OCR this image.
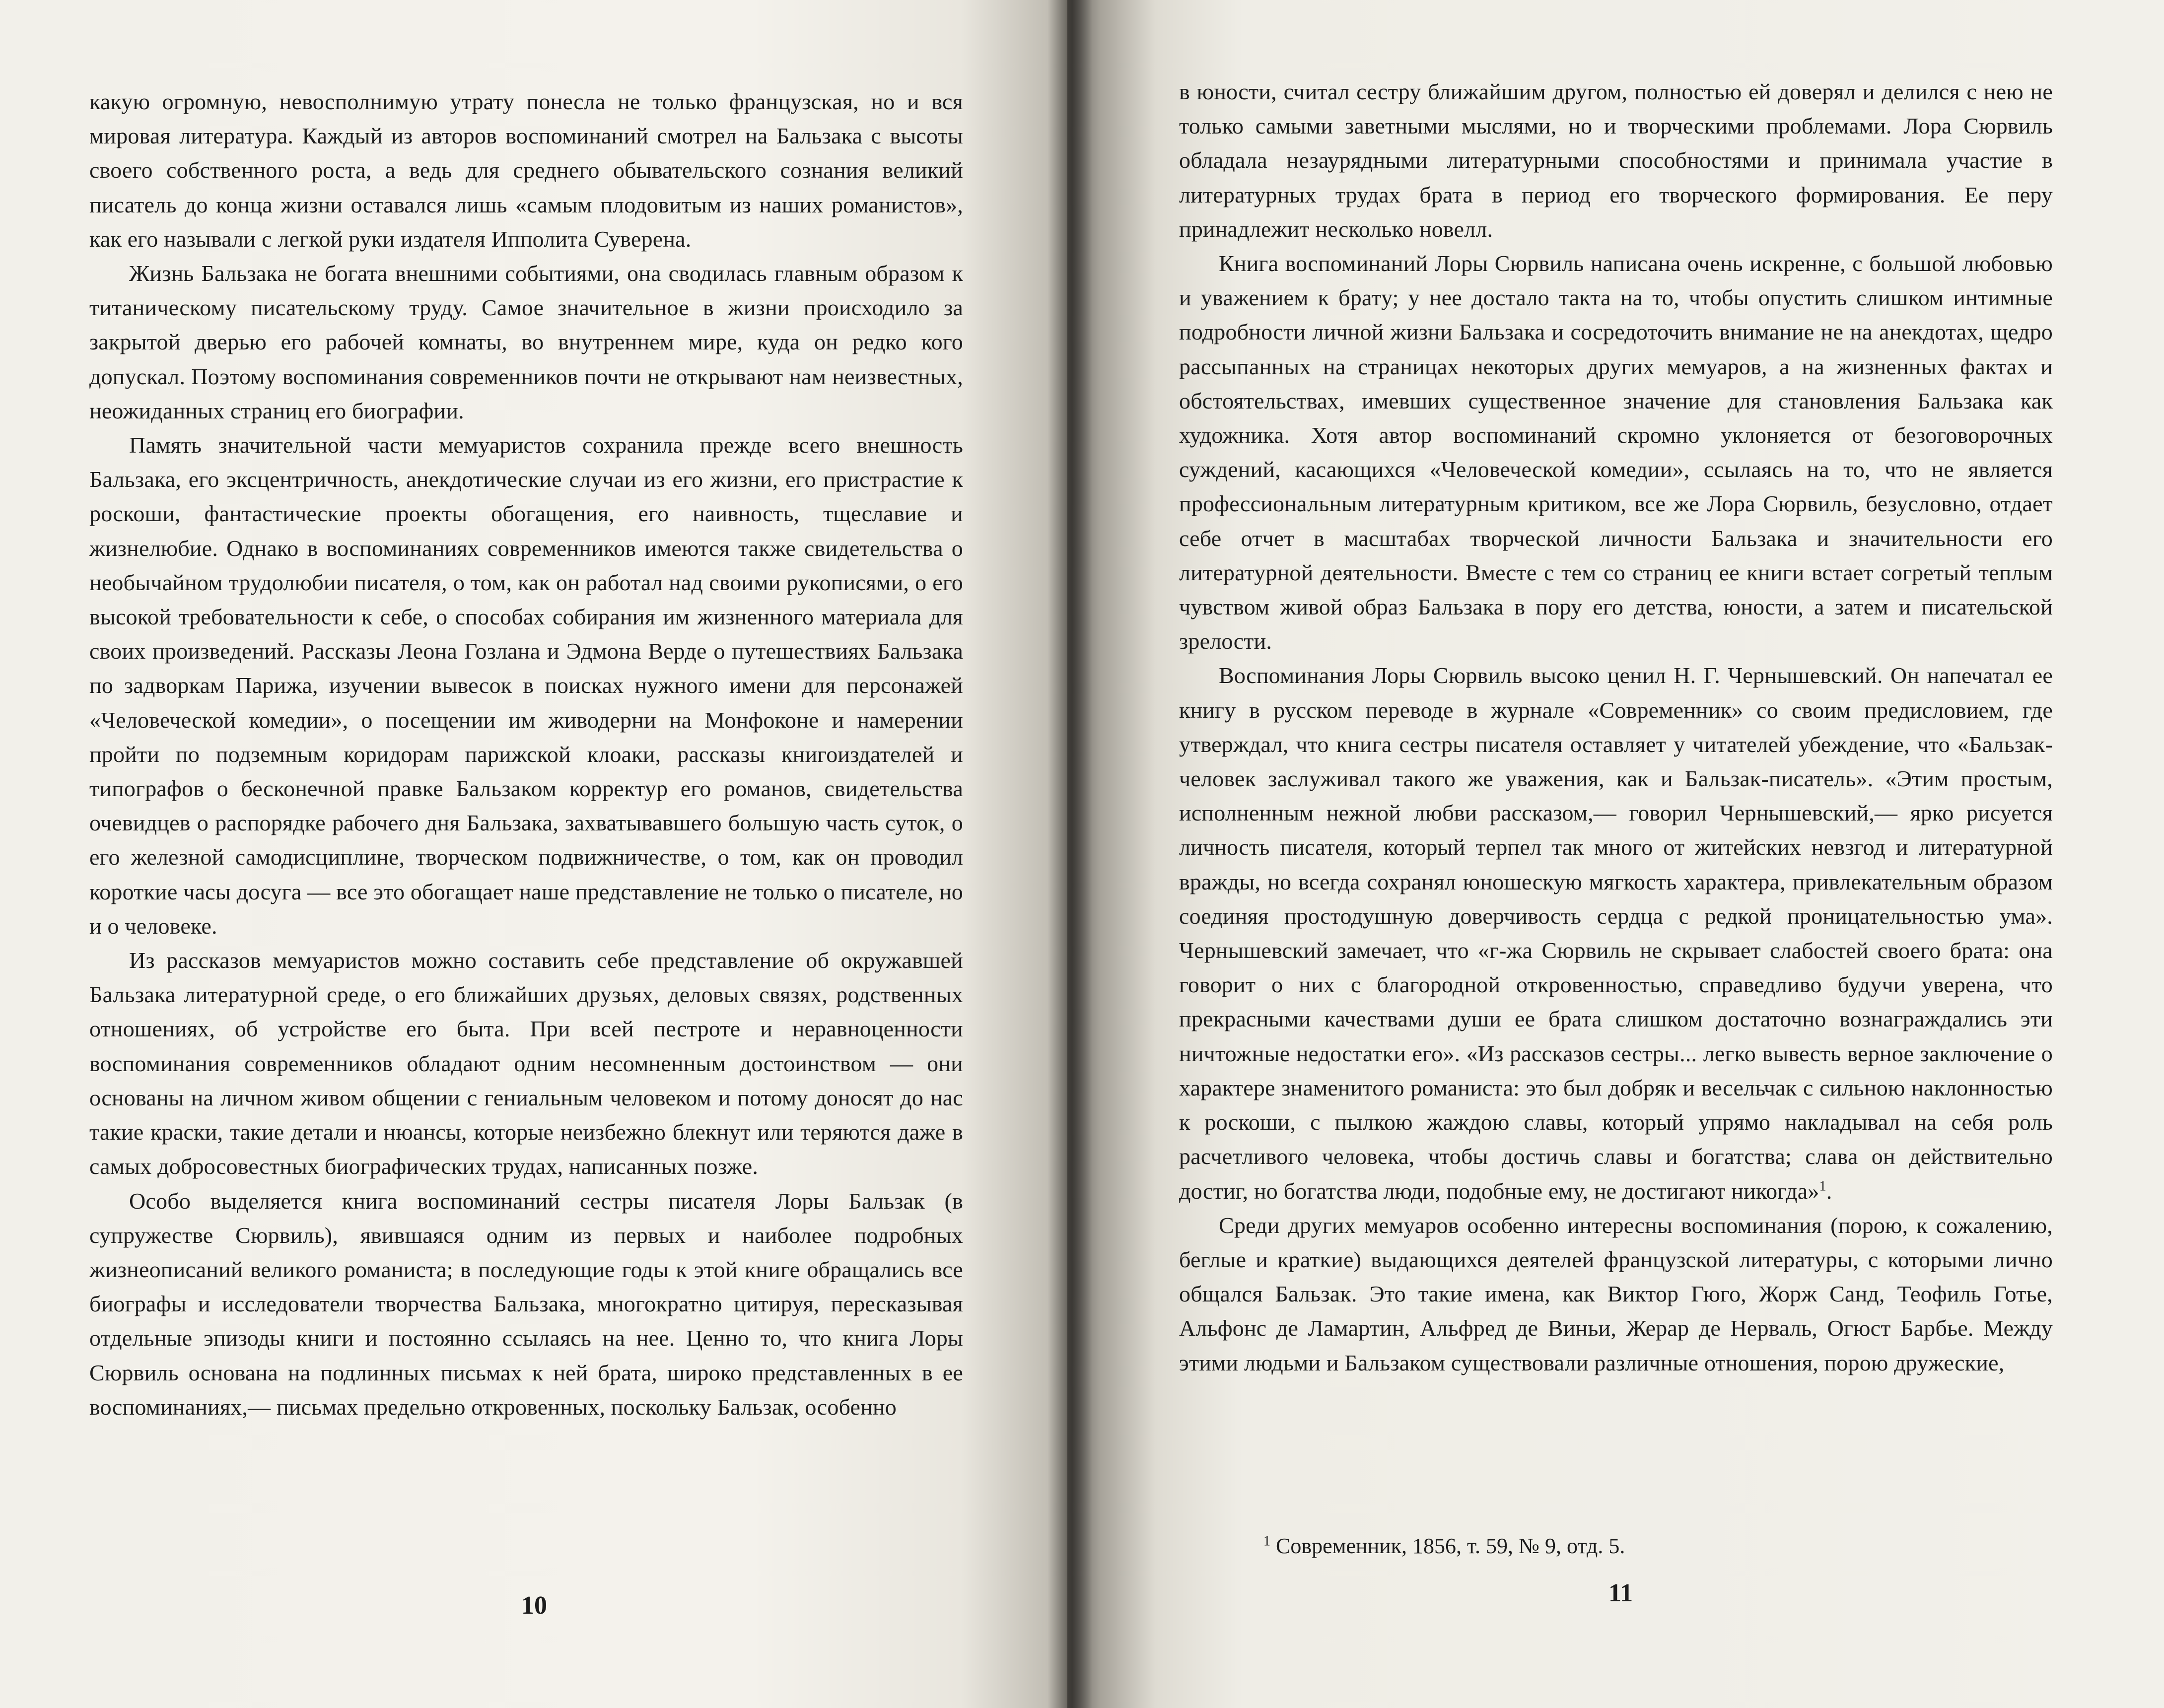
какую огромную, невосполнимую утрату понесла не только французская, но и вся мировая литература. Каждый из авторов воспоминаний смотрел на Бальзака с высоты своего собственного роста, а ведь для среднего обывательского сознания великий писатель до конца жизни оставался лишь «самым плодовитым из наших романистов», как его называли с легкой руки издателя Ипполита Суверена.

Жизнь Бальзака не богата внешними событиями, она сводилась главным образом к титаническому писательскому труду. Самое значительное в жизни происходило за закрытой дверью его рабочей комнаты, во внутреннем мире, куда он редко кого допускал. Поэтому воспоминания современников почти не открывают нам неизвестных, неожиданных страниц его биографии.

Память значительной части мемуаристов сохранила прежде всего внешность Бальзака, его эксцентричность, анекдотические случаи из его жизни, его пристрастие к роскоши, фантастические проекты обогащения, его наивность, тщеславие и жизнелюбие. Однако в воспоминаниях современников имеются также свидетельства о необычайном трудолюбии писателя, о том, как он работал над своими рукописями, о его высокой требовательности к себе, о способах собирания им жизненного материала для своих произведений. Рассказы Леона Гозлана и Эдмона Верде о путешествиях Бальзака по задворкам Парижа, изучении вывесок в поисках нужного имени для персонажей «Человеческой комедии», о посещении им живодерни на Монфоконе и намерении пройти по подземным коридорам парижской клоаки, рассказы книгоиздателей и типографов о бесконечной правке Бальзаком корректур его романов, свидетельства очевидцев о распорядке рабочего дня Бальзака, захватывавшего большую часть суток, о его железной самодисциплине, творческом подвижничестве, о том, как он проводил короткие часы досуга — все это обогащает наше представление не только о писателе, но и о человеке.

Из рассказов мемуаристов можно составить себе представление об окружавшей Бальзака литературной среде, о его ближайших друзьях, деловых связях, родственных отношениях, об устройстве его быта. При всей пестроте и неравноценности воспоминания современников обладают одним несомненным достоинством — они основаны на личном живом общении с гениальным человеком и потому доносят до нас такие краски, такие детали и нюансы, которые неизбежно блекнут или теряются даже в самых добросовестных биографических трудах, написанных позже.

Особо выделяется книга воспоминаний сестры писателя Лоры Бальзак (в супружестве Сюрвиль), явившаяся одним из первых и наиболее подробных жизнеописаний великого романиста; в последующие годы к этой книге обращались все биографы и исследователи творчества Бальзака, многократно цитируя, пересказывая отдельные эпизоды книги и постоянно ссылаясь на нее. Ценно то, что книга Лоры Сюрвиль основана на подлинных письмах к ней брата, широко представленных в ее воспоминаниях,— письмах предельно откровенных, поскольку Бальзак, особенно

10

в юности, считал сестру ближайшим другом, полностью ей доверял и делился с нею не только самыми заветными мыслями, но и творческими проблемами. Лора Сюрвиль обладала незаурядными литературными способностями и принимала участие в литературных трудах брата в период его творческого формирования. Ее перу принадлежит несколько новелл.

Книга воспоминаний Лоры Сюрвиль написана очень искренне, с большой любовью и уважением к брату; у нее достало такта на то, чтобы опустить слишком интимные подробности личной жизни Бальзака и сосредоточить внимание не на анекдотах, щедро рассыпанных на страницах некоторых других мемуаров, а на жизненных фактах и обстоятельствах, имевших существенное значение для становления Бальзака как художника. Хотя автор воспоминаний скромно уклоняется от безоговорочных суждений, касающихся «Человеческой комедии», ссылаясь на то, что не является профессиональным литературным критиком, все же Лора Сюрвиль, безусловно, отдает себе отчет в масштабах творческой личности Бальзака и значительности его литературной деятельности. Вместе с тем со страниц ее книги встает согретый теплым чувством живой образ Бальзака в пору его детства, юности, а затем и писательской зрелости.

Воспоминания Лоры Сюрвиль высоко ценил Н. Г. Чернышевский. Он напечатал ее книгу в русском переводе в журнале «Современник» со своим предисловием, где утверждал, что книга сестры писателя оставляет у читателей убеждение, что «Бальзак-человек заслуживал такого же уважения, как и Бальзак-писатель». «Этим простым, исполненным нежной любви рассказом,— говорил Чернышевский,— ярко рисуется личность писателя, который терпел так много от житейских невзгод и литературной вражды, но всегда сохранял юношескую мягкость характера, привлекательным образом соединяя простодушную доверчивость сердца с редкой проницательностью ума». Чернышевский замечает, что «г-жа Сюрвиль не скрывает слабостей своего брата: она говорит о них с благородной откровенностью, справедливо будучи уверена, что прекрасными качествами души ее брата слишком достаточно вознаграждались эти ничтожные недостатки его». «Из рассказов сестры... легко вывесть верное заключение о характере знаменитого романиста: это был добряк и весельчак с сильною наклонностью к роскоши, с пылкою жаждою славы, который упрямо накладывал на себя роль расчетливого человека, чтобы достичь славы и богатства; слава он действительно достиг, но богатства люди, подобные ему, не достигают никогда»$^1$.

Среди других мемуаров особенно интересны воспоминания (порою, к сожалению, беглые и краткие) выдающихся деятелей французской литературы, с которыми лично общался Бальзак. Это такие имена, как Виктор Гюго, Жорж Санд, Теофиль Готье, Альфонс де Ламартин, Альфред де Виньи, Жерар де Нерваль, Огюст Барбье. Между этими людьми и Бальзаком существовали различные отношения, порою дружеские,

$^1$ Современник, 1856, т. 59, № 9, отд. 5.
11
